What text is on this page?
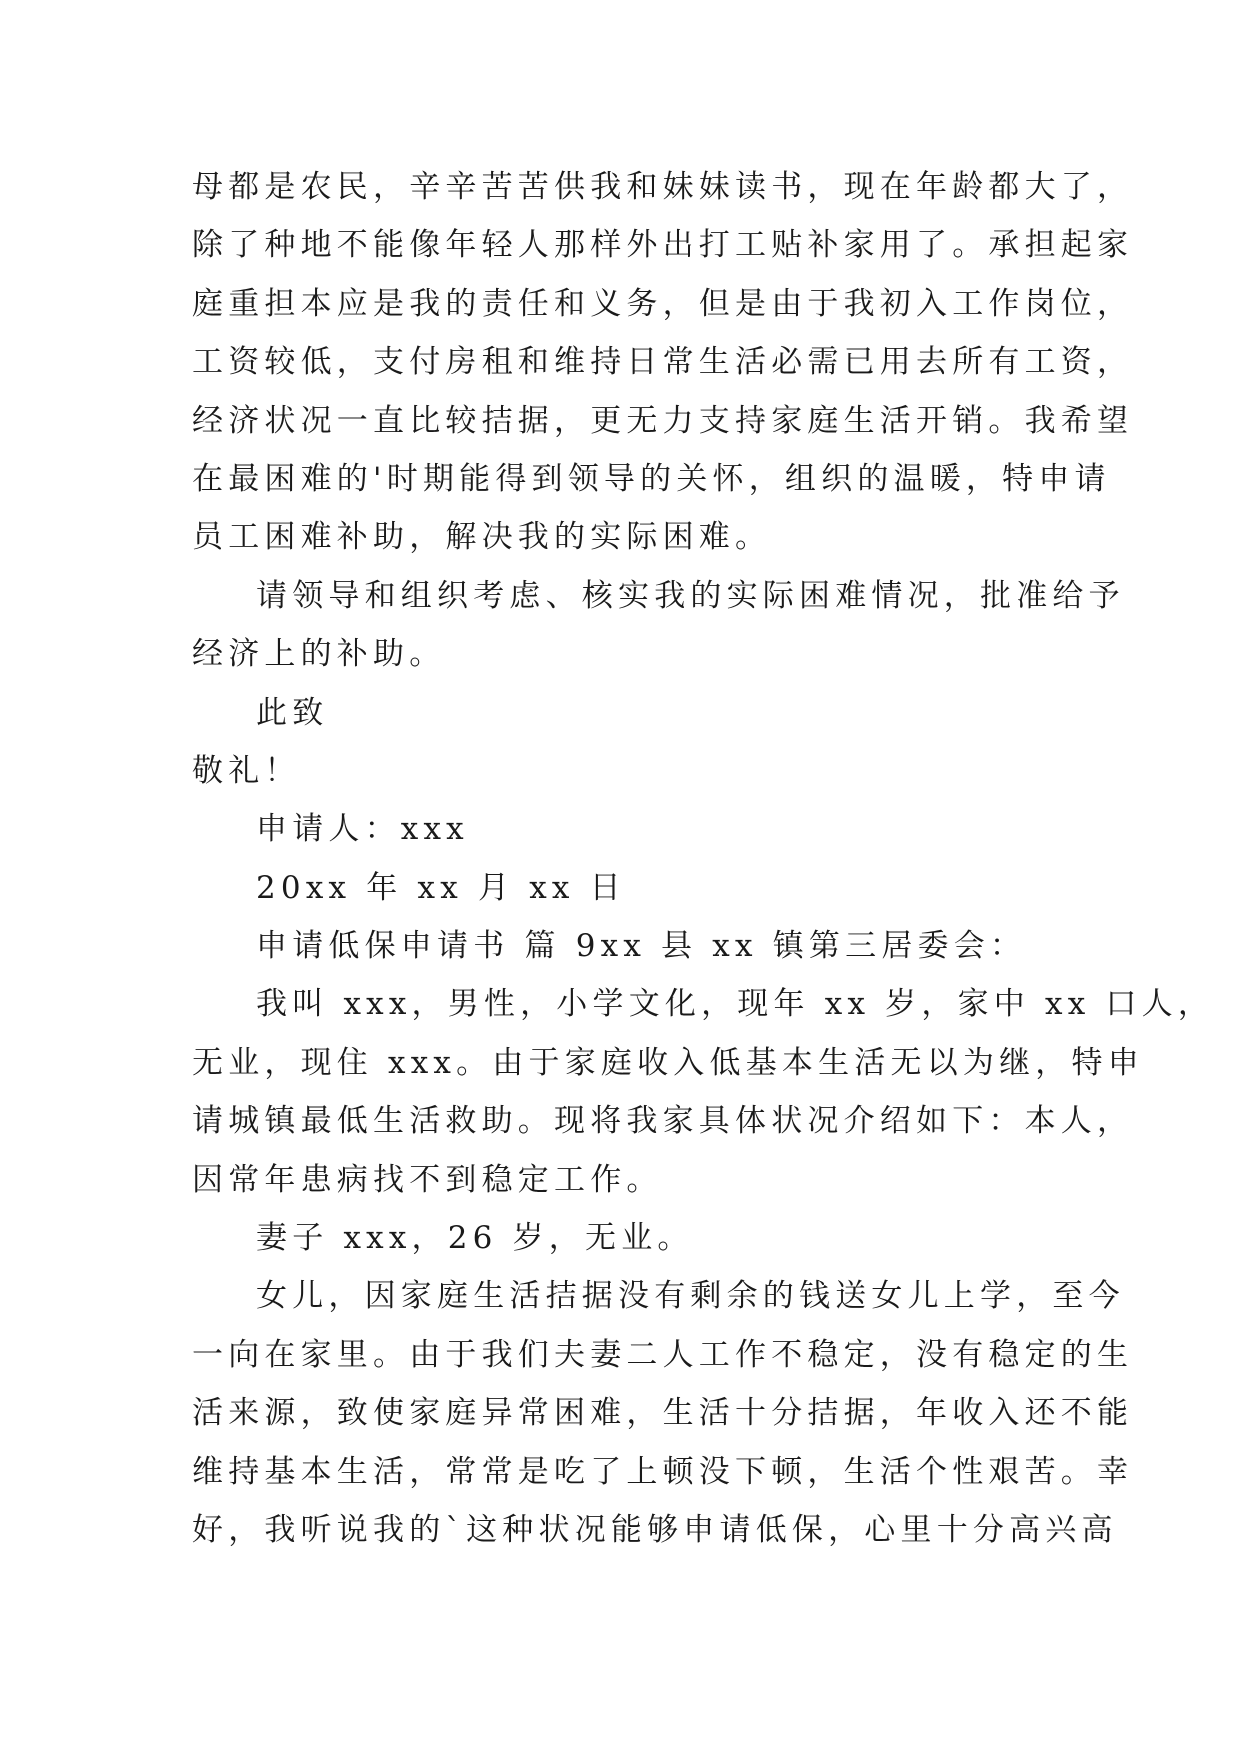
母都是农民，辛辛苦苦供我和妹妹读书，现在年龄都大了，
除了种地不能像年轻人那样外出打工贴补家用了。承担起家
庭重担本应是我的责任和义务，但是由于我初入工作岗位，
工资较低，支付房租和维持日常生活必需已用去所有工资，
经济状况一直比较拮据，更无力支持家庭生活开销。我希望
在最困难的'时期能得到领导的关怀，组织的温暖，特申请
员工困难补助，解决我的实际困难。
请领导和组织考虑、核实我的实际困难情况，批准给予
经济上的补助。
此致
敬礼！
申请人：xxx
20xx 年 xx 月 xx 日
申请低保申请书 篇 9xx 县 xx 镇第三居委会：
我叫 xxx，男性，小学文化，现年 xx 岁，家中 xx 口人，
无业，现住 xxx。由于家庭收入低基本生活无以为继，特申
请城镇最低生活救助。现将我家具体状况介绍如下：本人，
因常年患病找不到稳定工作。
妻子 xxx，26 岁，无业。
女儿，因家庭生活拮据没有剩余的钱送女儿上学，至今
一向在家里。由于我们夫妻二人工作不稳定，没有稳定的生
活来源，致使家庭异常困难，生活十分拮据，年收入还不能
维持基本生活，常常是吃了上顿没下顿，生活个性艰苦。幸
好，我听说我的`这种状况能够申请低保，心里十分高兴高
